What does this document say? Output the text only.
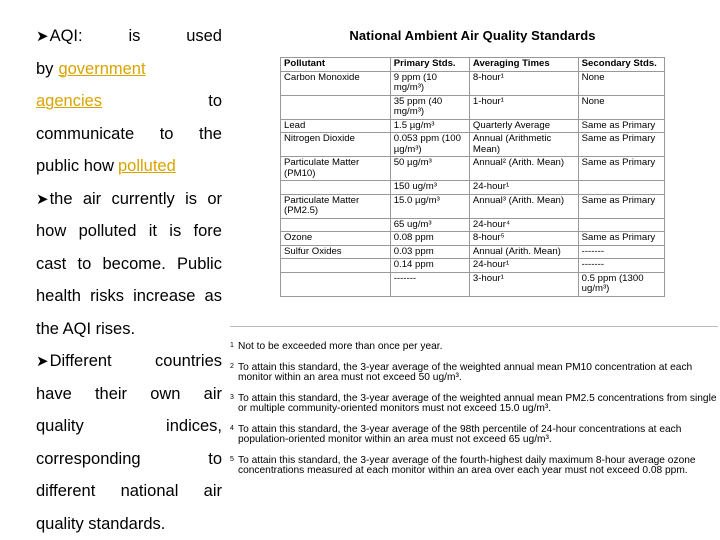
➤AQI:	is	used
by government
agencies	to
communicate to the
public how polluted
➤the air currently is or
how polluted it is fore
cast to become. Public
health risks increase as
the AQI rises.
➤Different	countries
have their own air
quality	indices,
corresponding	to
different national air
quality standards.
National Ambient Air Quality Standards
Pollutant	Primary Stds.	Averaging Times	Secondary Stds.
Carbon Monoxide	9 ppm (10 mg/m³)	8-hour¹	None
	35 ppm (40 mg/m³)	1-hour¹	None
Lead	1.5 µg/m³	Quarterly Average	Same as Primary
Nitrogen Dioxide	0.053 ppm (100 µg/m³)	Annual (Arithmetic Mean)	Same as Primary
Particulate Matter (PM10)	50 µg/m³	Annual² (Arith. Mean)	Same as Primary
	150 ug/m³	24-hour¹	
Particulate Matter (PM2.5)	15.0 µg/m³	Annual³ (Arith. Mean)	Same as Primary
	65 ug/m³	24-hour⁴	
Ozone	0.08 ppm	8-hour⁵	Same as Primary
Sulfur Oxides	0.03 ppm	Annual (Arith. Mean)	-------
	0.14 ppm	24-hour¹	-------
	-------	3-hour¹	0.5 ppm (1300 ug/m³)
1 Not to be exceeded more than once per year.
2 To attain this standard, the 3-year average of the weighted annual mean PM10 concentration at each monitor within an area must not exceed 50 ug/m³.
3 To attain this standard, the 3-year average of the weighted annual mean PM2.5 concentrations from single or multiple community-oriented monitors must not exceed 15.0 ug/m³.
4 To attain this standard, the 3-year average of the 98th percentile of 24-hour concentrations at each population-oriented monitor within an area must not exceed 65 ug/m³.
5 To attain this standard, the 3-year average of the fourth-highest daily maximum 8-hour average ozone concentrations measured at each monitor within an area over each year must not exceed 0.08 ppm.
